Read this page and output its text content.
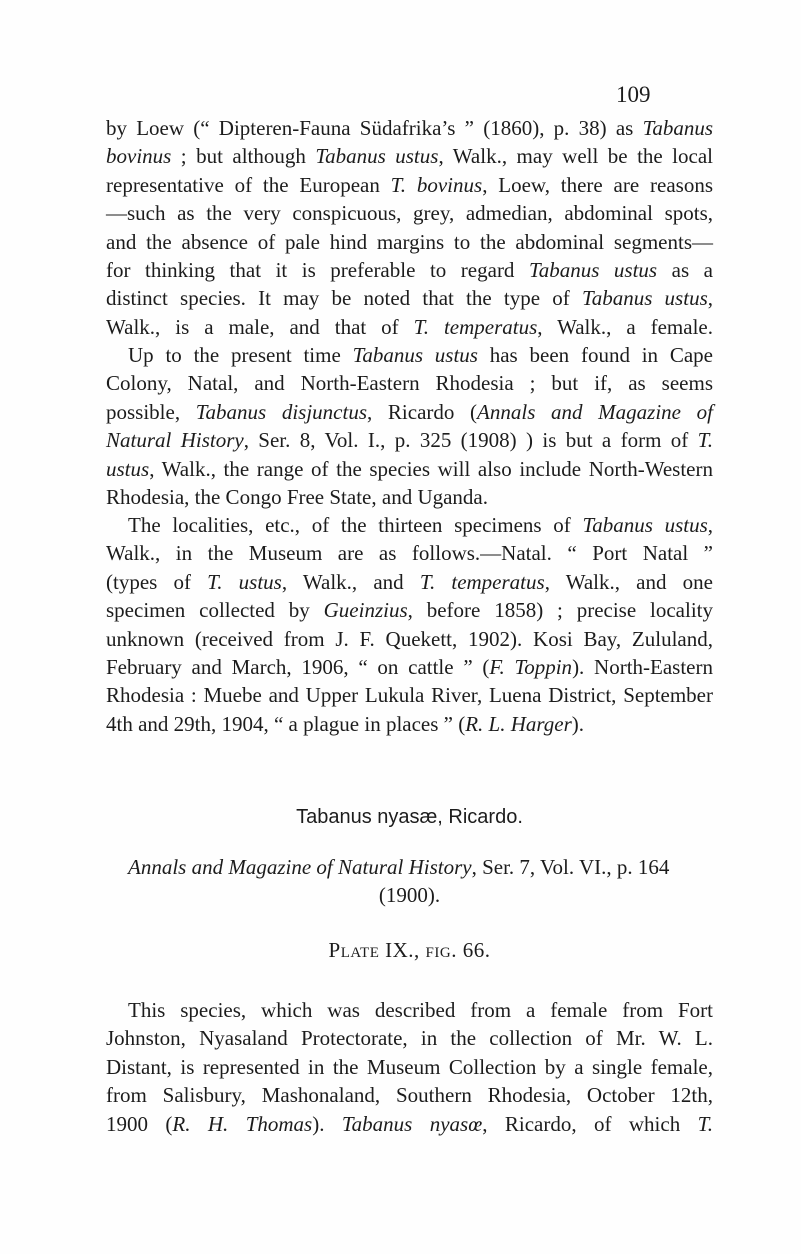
109
by Loew (“ Dipteren-Fauna Südafrika’s ” (1860), p. 38) as Tabanus
bovinus ; but although Tabanus ustus, Walk., may well be the local
representative of the European T. bovinus, Loew, there are reasons
—such as the very conspicuous, grey, admedian, abdominal spots,
and the absence of pale hind margins to the abdominal segments—
for thinking that it is preferable to regard Tabanus ustus as a
distinct species. It may be noted that the type of Tabanus ustus,
Walk., is a male, and that of T. temperatus, Walk., a female.
Up to the present time Tabanus ustus has been found in Cape
Colony, Natal, and North-Eastern Rhodesia ; but if, as seems
possible, Tabanus disjunctus, Ricardo (Annals and Magazine of
Natural History, Ser. 8, Vol. I., p. 325 (1908) ) is but a form of T.
ustus, Walk., the range of the species will also include North-Western
Rhodesia, the Congo Free State, and Uganda.
The localities, etc., of the thirteen specimens of Tabanus ustus,
Walk., in the Museum are as follows.—Natal. “ Port Natal ”
(types of T. ustus, Walk., and T. temperatus, Walk., and one
specimen collected by Gueinzius, before 1858) ; precise locality
unknown (received from J. F. Quekett, 1902). Kosi Bay, Zululand,
February and March, 1906, “ on cattle ” (F. Toppin). North-Eastern
Rhodesia : Muebe and Upper Lukula River, Luena District, September
4th and 29th, 1904, “ a plague in places ” (R. L. Harger).
Tabanus nyasæ, Ricardo.
Annals and Magazine of Natural History, Ser. 7, Vol. VI., p. 164
(1900).
Plate IX., fig. 66.
This species, which was described from a female from Fort
Johnston, Nyasaland Protectorate, in the collection of Mr. W. L.
Distant, is represented in the Museum Collection by a single female,
from Salisbury, Mashonaland, Southern Rhodesia, October 12th,
1900 (R. H. Thomas). Tabanus nyasœ, Ricardo, of which T.
